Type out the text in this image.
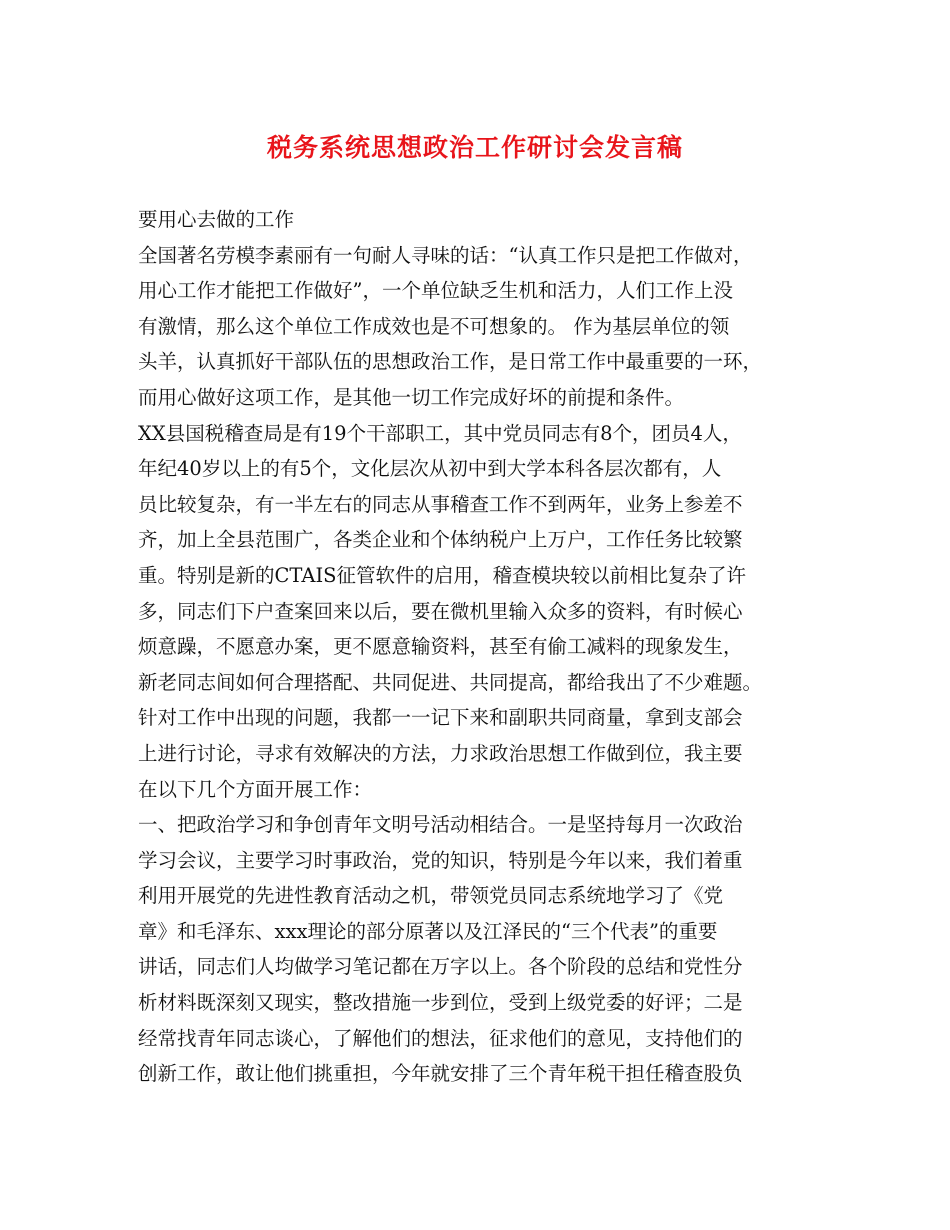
税务系统思想政治工作研讨会发言稿
要用心去做的工作
全国著名劳模李素丽有一句耐人寻味的话：“认真工作只是把工作做对，
用心工作才能把工作做好”，一个单位缺乏生机和活力，人们工作上没
有激情，那么这个单位工作成效也是不可想象的。 作为基层单位的领
头羊，认真抓好干部队伍的思想政治工作，是日常工作中最重要的一环，
而用心做好这项工作，是其他一切工作完成好坏的前提和条件。
XX县国税稽查局是有19个干部职工，其中党员同志有8个，团员4人，
年纪40岁以上的有5个，文化层次从初中到大学本科各层次都有，人
员比较复杂，有一半左右的同志从事稽查工作不到两年，业务上参差不
齐，加上全县范围广，各类企业和个体纳税户上万户，工作任务比较繁
重。特别是新的CTAIS征管软件的启用，稽查模块较以前相比复杂了许
多，同志们下户查案回来以后，要在微机里输入众多的资料，有时候心
烦意躁，不愿意办案，更不愿意输资料，甚至有偷工减料的现象发生，
新老同志间如何合理搭配、共同促进、共同提高，都给我出了不少难题。
针对工作中出现的问题，我都一一记下来和副职共同商量，拿到支部会
上进行讨论，寻求有效解决的方法，力求政治思想工作做到位，我主要
在以下几个方面开展工作：
一、把政治学习和争创青年文明号活动相结合。一是坚持每月一次政治
学习会议，主要学习时事政治，党的知识，特别是今年以来，我们着重
利用开展党的先进性教育活动之机，带领党员同志系统地学习了《党
章》和毛泽东、xxx理论的部分原著以及江泽民的“三个代表”的重要
讲话，同志们人均做学习笔记都在万字以上。各个阶段的总结和党性分
析材料既深刻又现实，整改措施一步到位，受到上级党委的好评；二是
经常找青年同志谈心，了解他们的想法，征求他们的意见，支持他们的
创新工作，敢让他们挑重担，今年就安排了三个青年税干担任稽查股负
